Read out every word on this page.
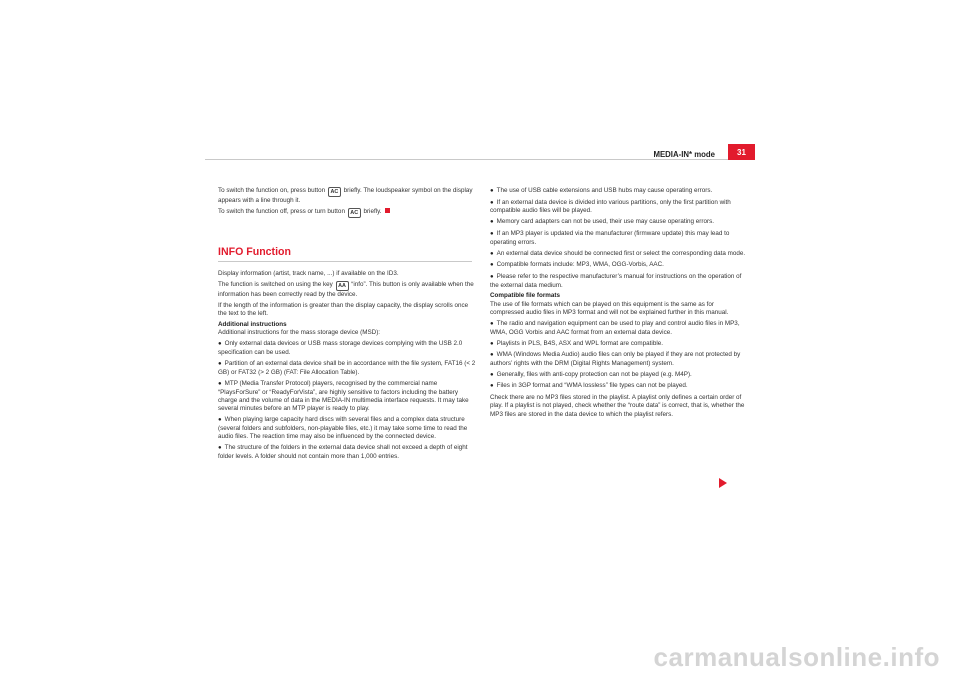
MEDIA-IN* mode	31

To switch the function on, press button AC briefly. The loudspeaker symbol on the display appears with a line through it.

To switch the function off, press or turn button AC briefly.

INFO Function

Display information (artist, track name, ...) if available on the ID3.

The function is switched on using the key AA “info”. This button is only available when the information has been correctly read by the device.

If the length of the information is greater than the display capacity, the display scrolls once the text to the left.

Additional instructions

Additional instructions for the mass storage device (MSD):

● Only external data devices or USB mass storage devices complying with the USB 2.0 specification can be used.

● Partition of an external data device shall be in accordance with the file system, FAT16 (< 2 GB) or FAT32 (> 2 GB) (FAT: File Allocation Table).

● MTP (Media Transfer Protocol) players, recognised by the commercial name “PlaysForSure” or “ReadyForVista”, are highly sensitive to factors including the battery charge and the volume of data in the MEDIA-IN multimedia interface requests. It may take several minutes before an MTP player is ready to play.

● When playing large capacity hard discs with several files and a complex data structure (several folders and subfolders, non-playable files, etc.) it may take some time to read the audio files. The reaction time may also be influenced by the connected device.

● The structure of the folders in the external data device shall not exceed a depth of eight folder levels. A folder should not contain more than 1,000 entries.

● The use of USB cable extensions and USB hubs may cause operating errors.

● If an external data device is divided into various partitions, only the first partition with compatible audio files will be played.

● Memory card adapters can not be used, their use may cause operating errors.

● If an MP3 player is updated via the manufacturer (firmware update) this may lead to operating errors.

● An external data device should be connected first or select the corresponding data mode.

● Compatible formats include: MP3, WMA, OGG-Vorbis, AAC.

● Please refer to the respective manufacturer’s manual for instructions on the operation of the external data medium.

Compatible file formats

The use of file formats which can be played on this equipment is the same as for compressed audio files in MP3 format and will not be explained further in this manual.

● The radio and navigation equipment can be used to play and control audio files in MP3, WMA, OGG Vorbis and AAC format from an external data device.

● Playlists in PLS, B4S, ASX and WPL format are compatible.

● WMA (Windows Media Audio) audio files can only be played if they are not protected by authors’ rights with the DRM (Digital Rights Management) system.

● Generally, files with anti-copy protection can not be played (e.g. M4P).

● Files in 3GP format and “WMA lossless” file types can not be played.

Check there are no MP3 files stored in the playlist. A playlist only defines a certain order of play. If a playlist is not played, check whether the “route data” is correct, that is, whether the MP3 files are stored in the data device to which the playlist refers.

carmanualsonline.info
